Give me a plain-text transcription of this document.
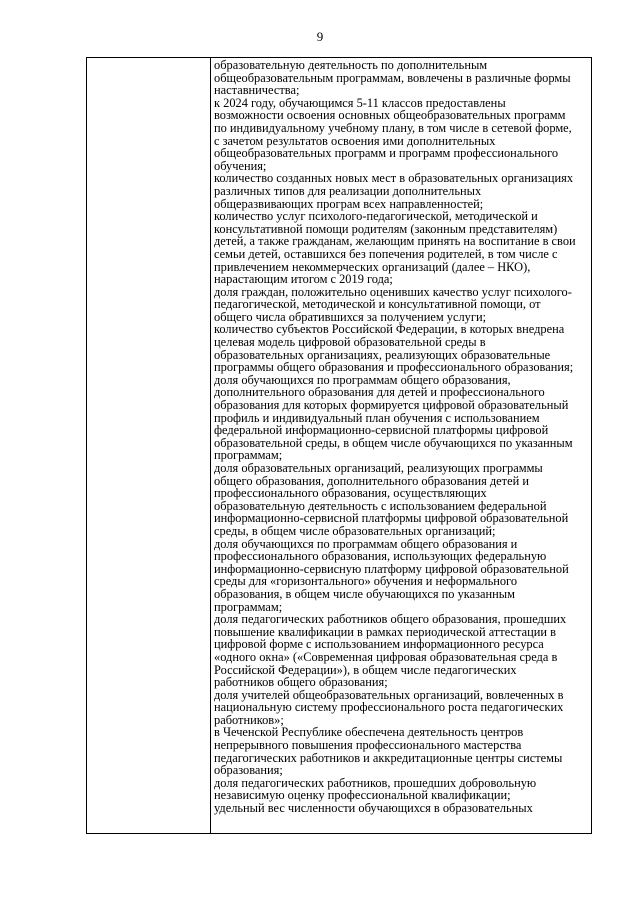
9

образовательную деятельность по дополнительным

общеобразовательным программам, вовлечены в различные формы

наставничества;

к 2024 году, обучающимся 5-11 классов предоставлены

возможности освоения основных общеобразовательных программ

по индивидуальному учебному плану, в том числе в сетевой форме,

с зачетом результатов освоения ими дополнительных

общеобразовательных программ и программ профессионального

обучения;

количество созданных новых мест в образовательных организациях

различных типов для реализации дополнительных

общеразвивающих програм всех направленностей;

количество услуг психолого-педагогической, методической и

консультативной помощи родителям (законным представителям)

детей, а также гражданам, желающим принять на воспитание в свои

семьи детей, оставшихся без попечения родителей, в том числе с

привлечением некоммерческих организаций (далее – НКО),

нарастающим итогом с 2019 года;

доля граждан, положительно оценивших качество услуг психолого-

педагогической, методической и консультативной помощи, от

общего числа обратившихся за получением услуги;

количество субъектов Российской Федерации, в которых внедрена

целевая модель цифровой образовательной среды в

образовательных организациях, реализующих образовательные

программы общего образования и профессионального образования;

доля обучающихся по программам общего образования,

дополнительного образования для детей и профессионального

образования для которых формируется цифровой образовательный

профиль и индивидуальный план обучения с использованием

федеральной информационно-сервисной платформы цифровой

образовательной среды, в общем числе обучающихся по указанным

программам;

доля образовательных организаций, реализующих программы

общего образования, дополнительного образования детей и

профессионального образования, осуществляющих

образовательную деятельность с использованием федеральной

информационно-сервисной платформы цифровой образовательной

среды, в общем числе образовательных организаций;

доля обучающихся по программам общего образования и

профессионального образования, использующих федеральную

информационно-сервисную платформу цифровой образовательной

среды для «горизонтального» обучения и неформального

образования, в общем числе обучающихся по указанным

программам;

доля педагогических работников общего образования, прошедших

повышение квалификации в рамках периодической аттестации в

цифровой форме с использованием информационного ресурса

«одного окна» («Современная цифровая образовательная среда в

Российской Федерации»), в общем числе педагогических

работников общего образования;

доля учителей общеобразовательных организаций, вовлеченных в

национальную систему профессионального роста педагогических

работников»;

в Чеченской Республике обеспечена деятельность центров

непрерывного повышения профессионального мастерства

педагогических работников и аккредитационные центры системы

образования;

доля педагогических работников, прошедших добровольную

независимую оценку профессиональной квалификации;

удельный вес численности обучающихся в образовательных
